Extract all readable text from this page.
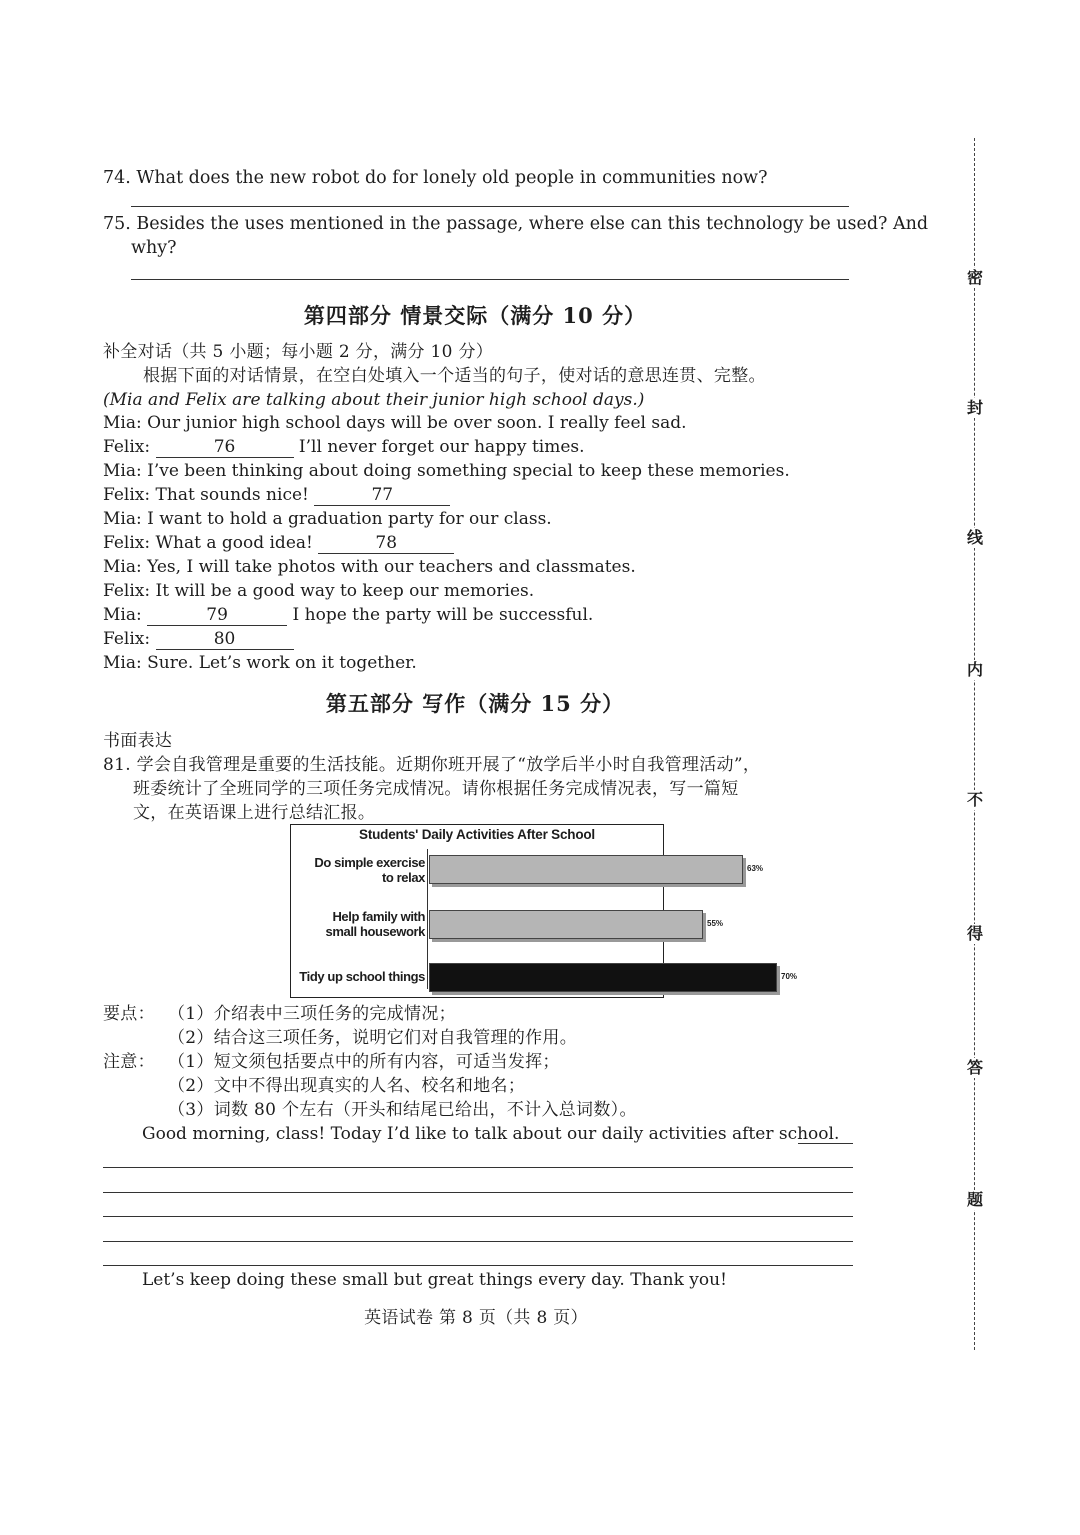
74. What does the new robot do for lonely old people in communities now?
75. Besides the uses mentioned in the passage, where else can this technology be used? And
why?
第四部分 情景交际（满分 10 分）
补全对话（共 5 小题；每小题 2 分，满分 10 分）
根据下面的对话情景，在空白处填入一个适当的句子，使对话的意思连贯、完整。
(Mia and Felix are talking about their junior high school days.)
Mia: Our junior high school days will be over soon. I really feel sad.
Felix:	76	I’ll never forget our happy times.
Mia: I’ve been thinking about doing something special to keep these memories.
Felix: That sounds nice!	77
Mia: I want to hold a graduation party for our class.
Felix: What a good idea!	78
Mia: Yes, I will take photos with our teachers and classmates.
Felix: It will be a good way to keep our memories.
Mia:	79	I hope the party will be successful.
Felix:	80
Mia: Sure. Let’s work on it together.
第五部分 写作（满分 15 分）
书面表达
81. 学会自我管理是重要的生活技能。近期你班开展了“放学后半小时自我管理活动”，
班委统计了全班同学的三项任务完成情况。请你根据任务完成情况表，写一篇短
文，在英语课上进行总结汇报。
Students' Daily Activities After School
Do simple exercise
to relax
Help family with
small housework
Tidy up school things
63%
55%
70%
要点： （1）介绍表中三项任务的完成情况；
（2）结合这三项任务，说明它们对自我管理的作用。
注意： （1）短文须包括要点中的所有内容，可适当发挥；
（2）文中不得出现真实的人名、校名和地名；
（3）词数 80 个左右（开头和结尾已给出，不计入总词数）。
Good morning, class! Today I’d like to talk about our daily activities after school.
Let’s keep doing these small but great things every day. Thank you!
英语试卷 第 8 页（共 8 页）
密
封
线
内
不
得
答
题
